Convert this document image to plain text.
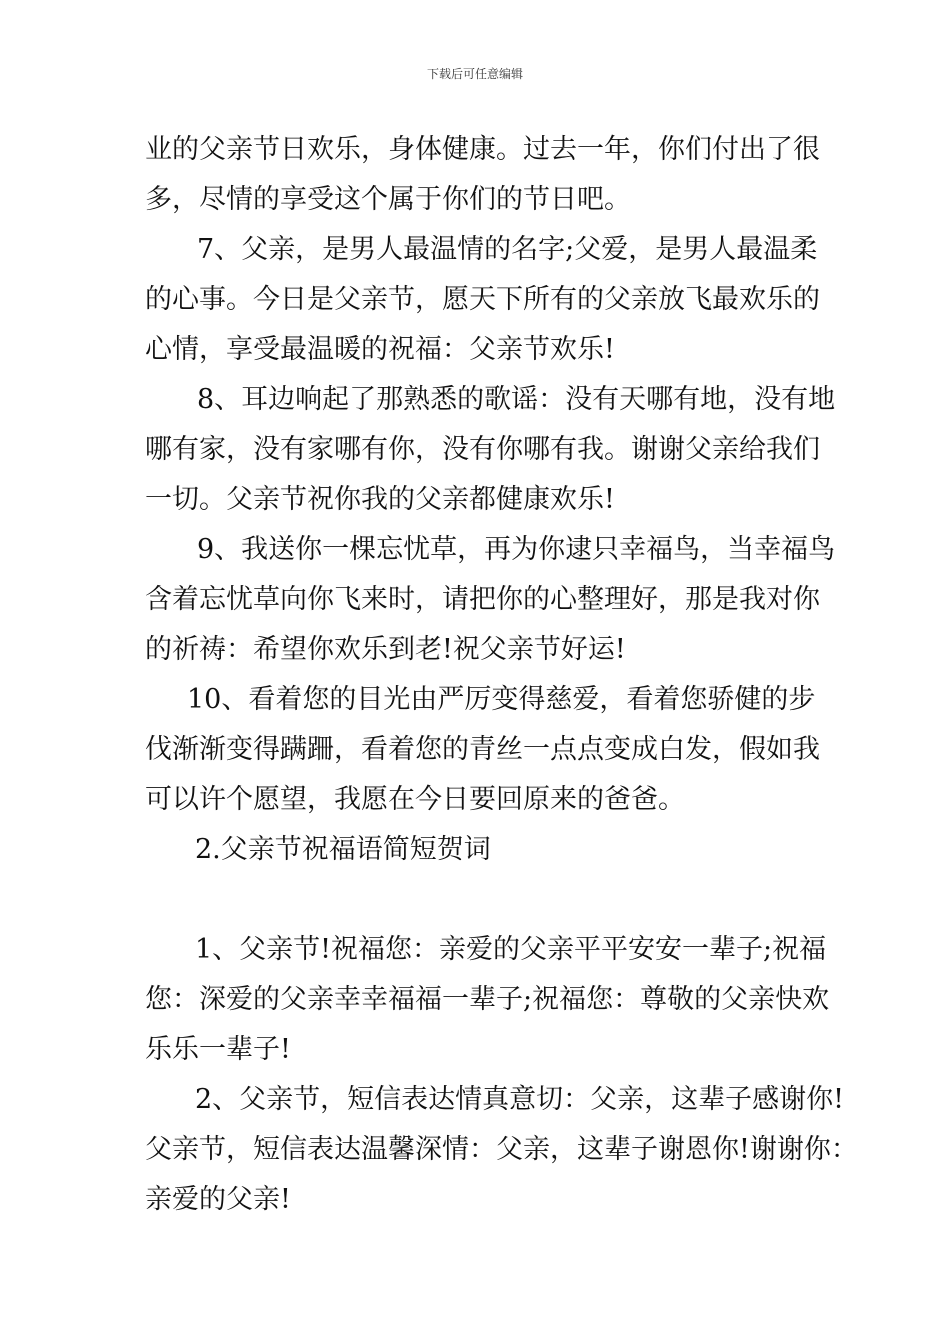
下载后可任意编辑
业的父亲节日欢乐，身体健康。过去一年，你们付出了很
多，尽情的享受这个属于你们的节日吧。
7、父亲，是男人最温情的名字;父爱，是男人最温柔
的心事。今日是父亲节，愿天下所有的父亲放飞最欢乐的
心情，享受最温暖的祝福：父亲节欢乐!
8、耳边响起了那熟悉的歌谣：没有天哪有地，没有地
哪有家，没有家哪有你，没有你哪有我。谢谢父亲给我们
一切。父亲节祝你我的父亲都健康欢乐!
9、我送你一棵忘忧草，再为你逮只幸福鸟，当幸福鸟
含着忘忧草向你飞来时，请把你的心整理好，那是我对你
的祈祷：希望你欢乐到老!祝父亲节好运!
10、看着您的目光由严厉变得慈爱，看着您骄健的步
伐渐渐变得蹒跚，看着您的青丝一点点变成白发，假如我
可以许个愿望，我愿在今日要回原来的爸爸。
2.父亲节祝福语简短贺词
1、父亲节!祝福您：亲爱的父亲平平安安一辈子;祝福
您：深爱的父亲幸幸福福一辈子;祝福您：尊敬的父亲快欢
乐乐一辈子!
2、父亲节，短信表达情真意切：父亲，这辈子感谢你!
父亲节，短信表达温馨深情：父亲，这辈子谢恩你!谢谢你：
亲爱的父亲!
